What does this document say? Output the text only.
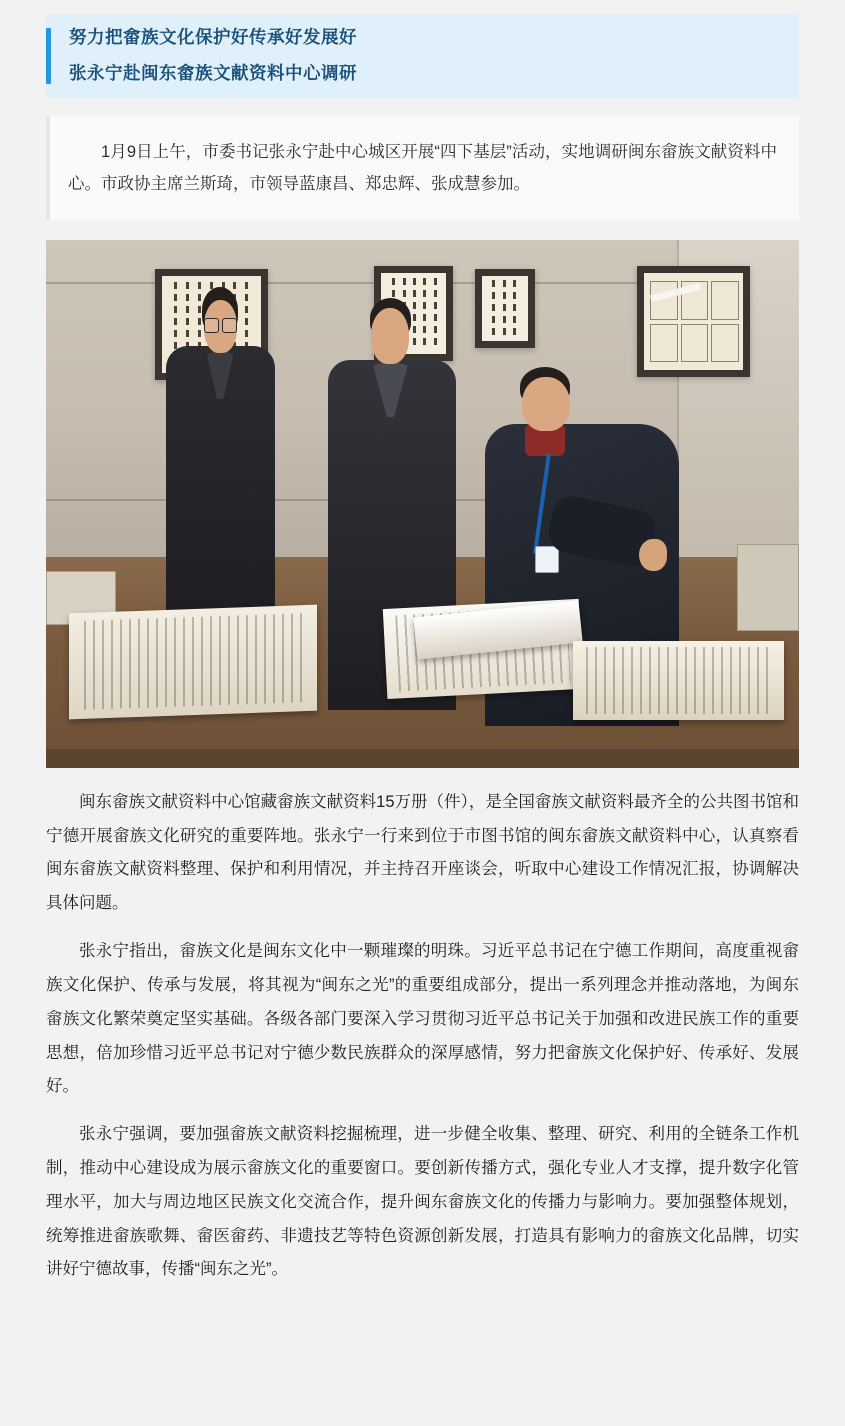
努力把畲族文化保护好传承好发展好
张永宁赴闽东畲族文献资料中心调研

1月9日上午，市委书记张永宁赴中心城区开展“四下基层”活动，实地调研闽东畲族文献资料中心。市政协主席兰斯琦，市领导蓝康昌、郑忠辉、张成慧参加。

闽东畲族文献资料中心馆藏畲族文献资料15万册（件），是全国畲族文献资料最齐全的公共图书馆和宁德开展畲族文化研究的重要阵地。张永宁一行来到位于市图书馆的闽东畲族文献资料中心，认真察看闽东畲族文献资料整理、保护和利用情况，并主持召开座谈会，听取中心建设工作情况汇报，协调解决具体问题。

张永宁指出，畲族文化是闽东文化中一颗璀璨的明珠。习近平总书记在宁德工作期间，高度重视畲族文化保护、传承与发展，将其视为“闽东之光”的重要组成部分，提出一系列理念并推动落地，为闽东畲族文化繁荣奠定坚实基础。各级各部门要深入学习贯彻习近平总书记关于加强和改进民族工作的重要思想，倍加珍惜习近平总书记对宁德少数民族群众的深厚感情，努力把畲族文化保护好、传承好、发展好。

张永宁强调，要加强畲族文献资料挖掘梳理，进一步健全收集、整理、研究、利用的全链条工作机制，推动中心建设成为展示畲族文化的重要窗口。要创新传播方式，强化专业人才支撑，提升数字化管理水平，加大与周边地区民族文化交流合作，提升闽东畲族文化的传播力与影响力。要加强整体规划，统筹推进畲族歌舞、畲医畲药、非遗技艺等特色资源创新发展，打造具有影响力的畲族文化品牌，切实讲好宁德故事，传播“闽东之光”。
